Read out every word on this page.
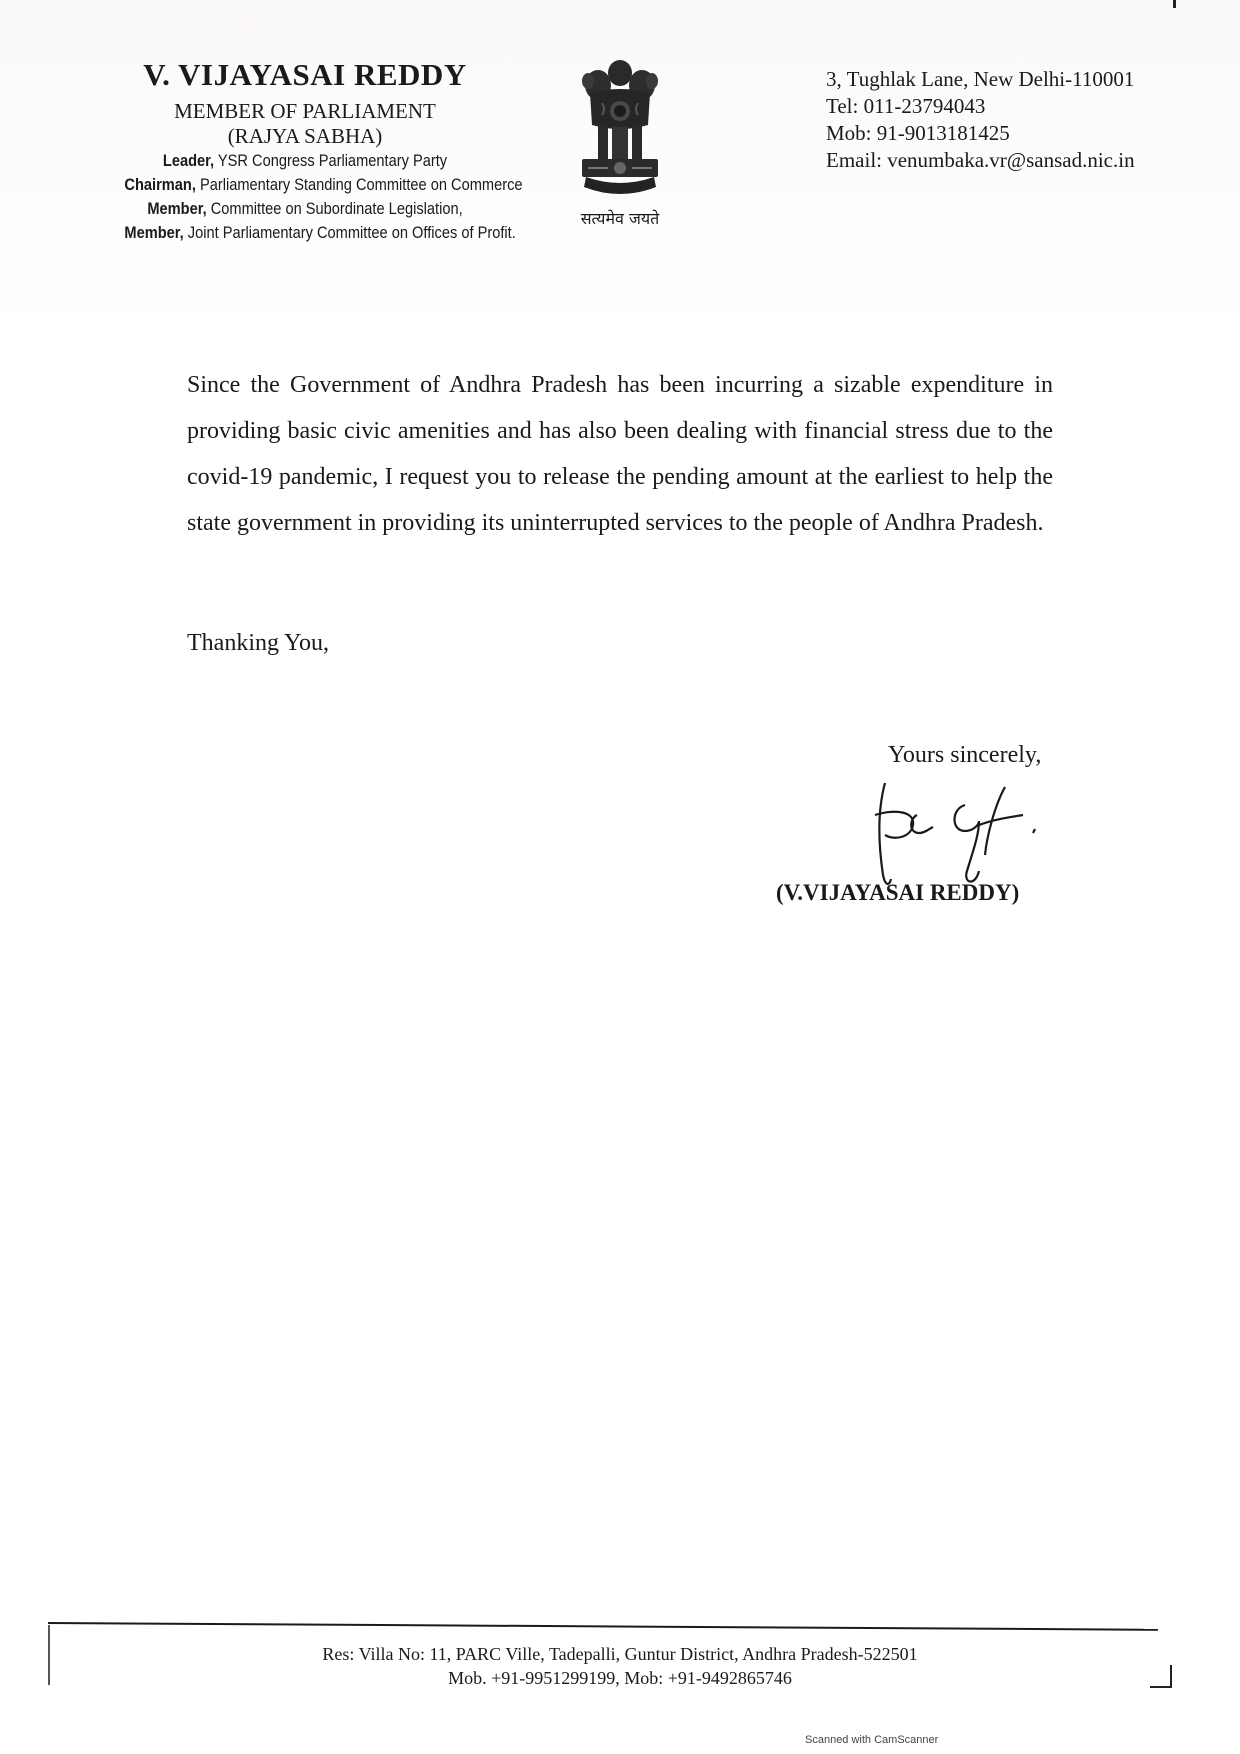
V. VIJAYASAI REDDY
MEMBER OF PARLIAMENT
(RAJYA SABHA)
Leader, YSR Congress Parliamentary Party
Chairman, Parliamentary Standing Committee on Commerce
Member, Committee on Subordinate Legislation,
Member, Joint Parliamentary Committee on Offices of Profit.
सत्यमेव जयते
3, Tughlak Lane, New Delhi-110001
Tel: 011-23794043
Mob: 91-9013181425
Email: venumbaka.vr@sansad.nic.in
Since the Government of Andhra Pradesh has been incurring a sizable expenditure in providing basic civic amenities and has also been dealing with financial stress due to the covid-19 pandemic, I request you to release the pending amount at the earliest to help the state government in providing its uninterrupted services to the people of Andhra Pradesh.
Thanking You,
Yours sincerely,
(V.VIJAYASAI REDDY)
Res: Villa No: 11, PARC Ville, Tadepalli, Guntur District, Andhra Pradesh-522501
Mob. +91-9951299199, Mob: +91-9492865746
Scanned with CamScanner
